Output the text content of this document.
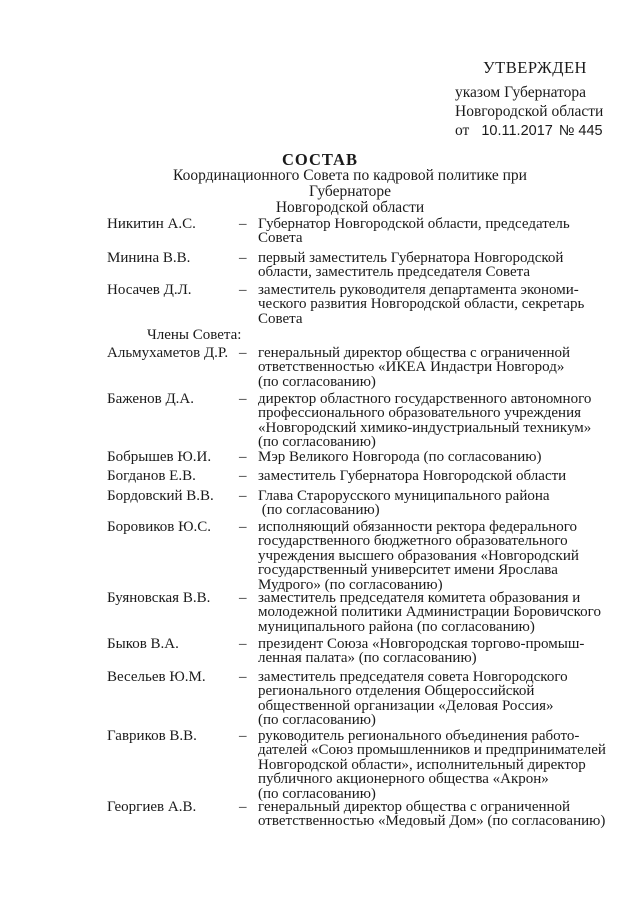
УТВЕРЖДЕН
указом Губернатора
Новгородской области
от 10.11.2017 № 445
СОСТАВ
Координационного Совета по кадровой политике при Губернаторе
Новгородской области
Члены Совета:
Никитин А.С.	– Губернатор Новгородской области, председатель
Совета
Минина В.В.	– первый заместитель Губернатора Новгородской
области, заместитель председателя Совета
Носачев Д.Л.	– заместитель руководителя департамента экономи-
ческого развития Новгородской области, секретарь
Совета
Альмухаметов Д.Р. – генеральный директор общества с ограниченной
ответственностью «ИКЕА Индастри Новгород»
(по согласованию)
Баженов Д.А.	– директор областного государственного автономного
профессионального образовательного учреждения
«Новгородский химико-индустриальный техникум»
(по согласованию)
Бобрышев Ю.И. – Мэр Великого Новгорода (по согласованию)
Богданов Е.В.	– заместитель Губернатора Новгородской области
Бордовский В.В. – Глава Старорусского муниципального района
(по согласованию)
Боровиков Ю.С. – исполняющий обязанности ректора федерального
государственного бюджетного образовательного
учреждения высшего образования «Новгородский
государственный университет имени Ярослава
Мудрого» (по согласованию)
Буяновская В.В. – заместитель председателя комитета образования и
молодежной политики Администрации Боровичского
муниципального района (по согласованию)
Быков В.А.	– президент Союза «Новгородская торгово-промыш-
ленная палата» (по согласованию)
Весельев Ю.М. – заместитель председателя совета Новгородского
регионального отделения Общероссийской
общественной организации «Деловая Россия»
(по согласованию)
Гавриков В.В.	– руководитель регионального объединения работо-
дателей «Союз промышленников и предпринимателей
Новгородской области», исполнительный директор
публичного акционерного общества «Акрон»
(по согласованию)
Георгиев А.В.	– генеральный директор общества с ограниченной
ответственностью «Медовый Дом» (по согласованию)
